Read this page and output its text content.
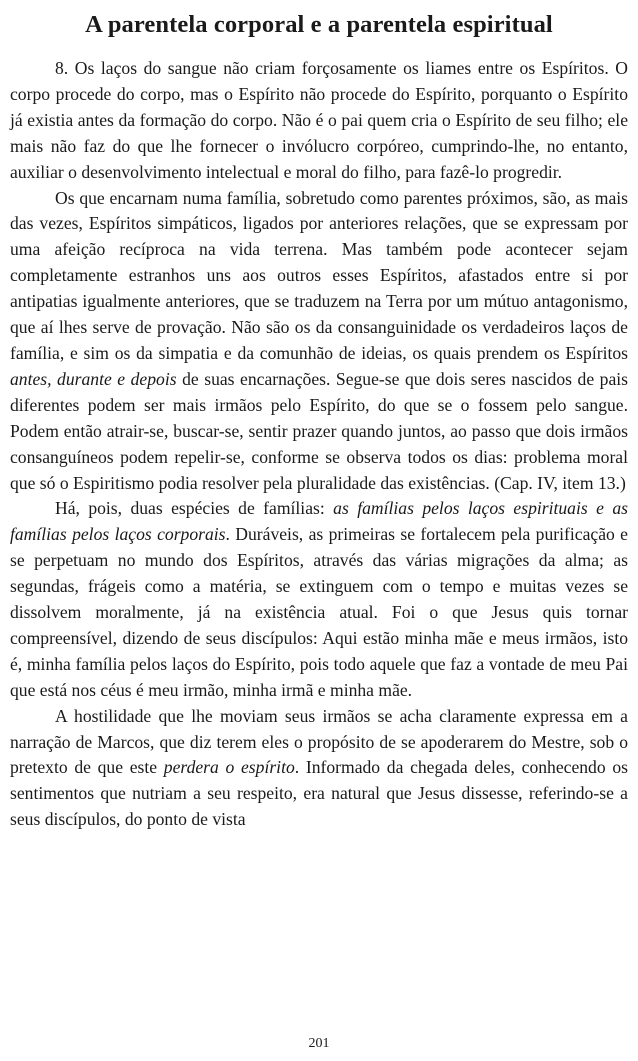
A parentela corporal e a parentela espiritual

8. Os laços do sangue não criam forçosamente os liames entre os Espíritos. O corpo procede do corpo, mas o Espírito não procede do Espírito, porquanto o Espírito já existia antes da formação do corpo. Não é o pai quem cria o Espírito de seu filho; ele mais não faz do que lhe fornecer o invólucro corpóreo, cumprindo-lhe, no entanto, auxiliar o desenvolvimento intelectual e moral do filho, para fazê-lo progredir.

Os que encarnam numa família, sobretudo como parentes próximos, são, as mais das vezes, Espíritos simpáticos, ligados por anteriores relações, que se expressam por uma afeição recíproca na vida terrena. Mas também pode acontecer sejam completamente estranhos uns aos outros esses Espíritos, afastados entre si por antipatias igualmente anteriores, que se traduzem na Terra por um mútuo antagonismo, que aí lhes serve de provação. Não são os da consanguinidade os verdadeiros laços de família, e sim os da simpatia e da comunhão de ideias, os quais prendem os Espíritos antes, durante e depois de suas encarnações. Segue-se que dois seres nascidos de pais diferentes podem ser mais irmãos pelo Espírito, do que se o fossem pelo sangue. Podem então atrair-se, buscar-se, sentir prazer quando juntos, ao passo que dois irmãos consanguíneos podem repelir-se, conforme se observa todos os dias: problema moral que só o Espiritismo podia resolver pela pluralidade das existências. (Cap. IV, item 13.)

Há, pois, duas espécies de famílias: as famílias pelos laços espirituais e as famílias pelos laços corporais. Duráveis, as primeiras se fortalecem pela purificação e se perpetuam no mundo dos Espíritos, através das várias migrações da alma; as segundas, frágeis como a matéria, se extinguem com o tempo e muitas vezes se dissolvem moralmente, já na existência atual. Foi o que Jesus quis tornar compreensível, dizendo de seus discípulos: Aqui estão minha mãe e meus irmãos, isto é, minha família pelos laços do Espírito, pois todo aquele que faz a vontade de meu Pai que está nos céus é meu irmão, minha irmã e minha mãe.

A hostilidade que lhe moviam seus irmãos se acha claramente expressa em a narração de Marcos, que diz terem eles o propósito de se apoderarem do Mestre, sob o pretexto de que este perdera o espírito. Informado da chegada deles, conhecendo os sentimentos que nutriam a seu respeito, era natural que Jesus dissesse, referindo-se a seus discípulos, do ponto de vista

201
